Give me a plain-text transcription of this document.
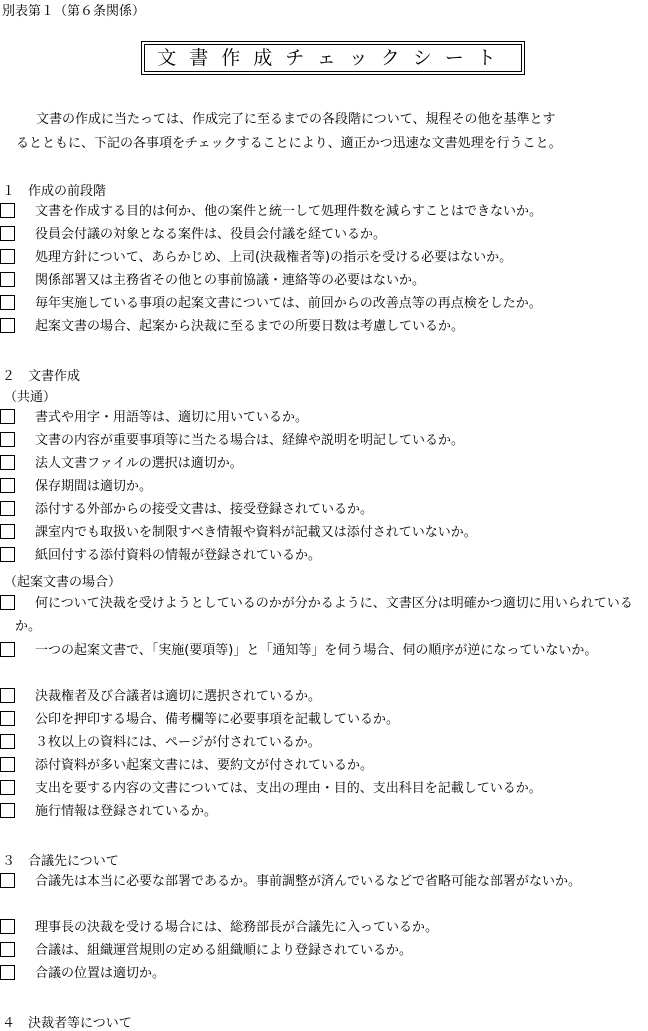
別表第１（第６条関係）
文書作成チェックシート

文書の作成に当たっては、作成完了に至るまでの各段階について、規程その他を基準とす

るとともに、下記の各事項をチェックすることにより、適正かつ迅速な文書処理を行うこと。

１　作成の前段階
文書を作成する目的は何か、他の案件と統一して処理件数を減らすことはできないか。
役員会付議の対象となる案件は、役員会付議を経ているか。
処理方針について、あらかじめ、上司(決裁権者等)の指示を受ける必要はないか。
関係部署又は主務省その他との事前協議・連絡等の必要はないか。
毎年実施している事項の起案文書については、前回からの改善点等の再点検をしたか。
起案文書の場合、起案から決裁に至るまでの所要日数は考慮しているか。
２　文書作成
（共通）
書式や用字・用語等は、適切に用いているか。
文書の内容が重要事項等に当たる場合は、経緯や説明を明記しているか。
法人文書ファイルの選択は適切か。
保存期間は適切か。
添付する外部からの接受文書は、接受登録されているか。
課室内でも取扱いを制限すべき情報や資料が記載又は添付されていないか。
紙回付する添付資料の情報が登録されているか。
（起案文書の場合）
何について決裁を受けようとしているのかが分かるように、文書区分は明確かつ適切に用いられているか。
一つの起案文書で、「実施(要項等)」と「通知等」を伺う場合、伺の順序が逆になっていないか。
決裁権者及び合議者は適切に選択されているか。
公印を押印する場合、備考欄等に必要事項を記載しているか。
３枚以上の資料には、ページが付されているか。
添付資料が多い起案文書には、要約文が付されているか。
支出を要する内容の文書については、支出の理由・目的、支出科目を記載しているか。
施行情報は登録されているか。
３　合議先について
合議先は本当に必要な部署であるか。事前調整が済んでいるなどで省略可能な部署がないか。
理事長の決裁を受ける場合には、総務部長が合議先に入っているか。
合議は、組織運営規則の定める組織順により登録されているか。
合議の位置は適切か。
４　決裁者等について
